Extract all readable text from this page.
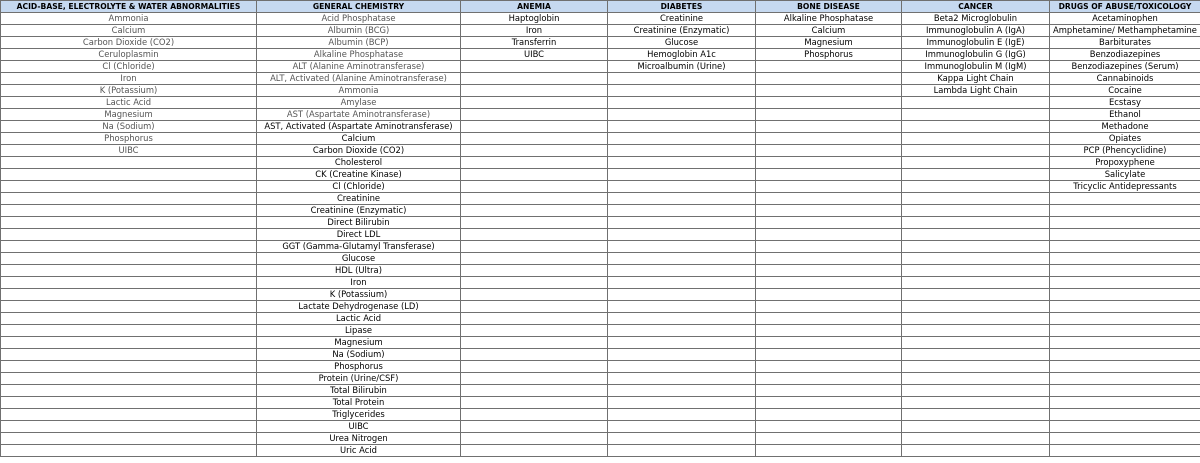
ACID-BASE, ELECTROLYTE & WATER ABNORMALITIES	GENERAL CHEMISTRY	ANEMIA	DIABETES	BONE DISEASE	CANCER	DRUGS OF ABUSE/TOXICOLOGY
Ammonia	Acid Phosphatase	Haptoglobin	Creatinine	Alkaline Phosphatase	Beta2 Microglobulin	Acetaminophen
Calcium	Albumin (BCG)	Iron	Creatinine (Enzymatic)	Calcium	Immunoglobulin A (IgA)	Amphetamine/ Methamphetamine
Carbon Dioxide (CO2)	Albumin (BCP)	Transferrin	Glucose	Magnesium	Immunoglobulin E (IgE)	Barbiturates
Ceruloplasmin	Alkaline Phosphatase	UIBC	Hemoglobin A1c	Phosphorus	Immunoglobulin G (IgG)	Benzodiazepines
Cl (Chloride)	ALT (Alanine Aminotransferase)		Microalbumin (Urine)		Immunoglobulin M (IgM)	Benzodiazepines (Serum)
Iron	ALT, Activated (Alanine Aminotransferase)				Kappa Light Chain	Cannabinoids
K (Potassium)	Ammonia				Lambda Light Chain	Cocaine
Lactic Acid	Amylase					Ecstasy
Magnesium	AST (Aspartate Aminotransferase)					Ethanol
Na (Sodium)	AST, Activated (Aspartate Aminotransferase)					Methadone
Phosphorus	Calcium					Opiates
UIBC	Carbon Dioxide (CO2)					PCP (Phencyclidine)
	Cholesterol					Propoxyphene
	CK (Creatine Kinase)					Salicylate
	Cl (Chloride)					Tricyclic Antidepressants
	Creatinine					
	Creatinine (Enzymatic)					
	Direct Bilirubin					
	Direct LDL					
	GGT (Gamma-Glutamyl Transferase)					
	Glucose					
	HDL (Ultra)					
	Iron					
	K (Potassium)					
	Lactate Dehydrogenase (LD)					
	Lactic Acid					
	Lipase					
	Magnesium					
	Na (Sodium)					
	Phosphorus					
	Protein (Urine/CSF)					
	Total Bilirubin					
	Total Protein					
	Triglycerides					
	UIBC					
	Urea Nitrogen					
	Uric Acid					
